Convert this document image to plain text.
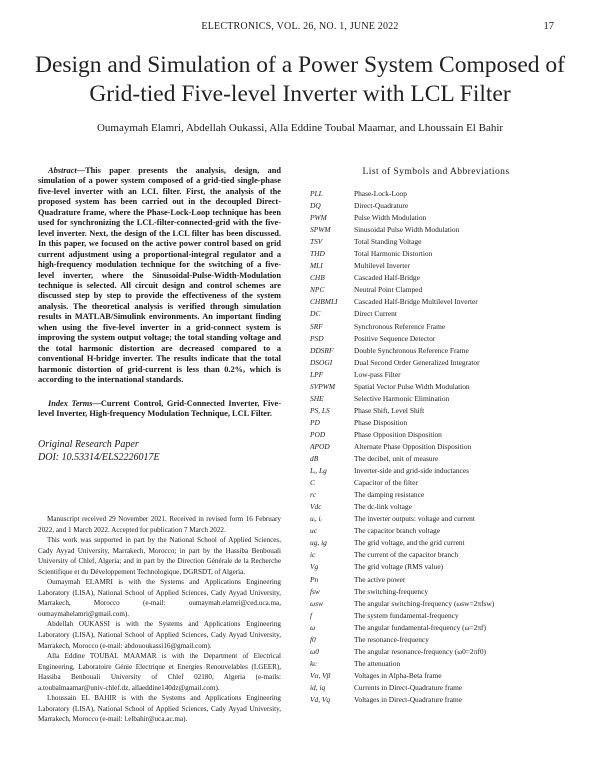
ELECTRONICS, VOL. 26, NO. 1, JUNE 2022	17
Design and Simulation of a Power System Composed of Grid-tied Five-level Inverter with LCL Filter
Oumaymah Elamri, Abdellah Oukassi, Alla Eddine Toubal Maamar, and Lhoussain El Bahir

Abstract—This paper presents the analysis, design, and simulation of a power system composed of a grid-tied single-phase five-level inverter with an LCL filter. First, the analysis of the proposed system has been carried out in the decoupled Direct-Quadrature frame, where the Phase-Lock-Loop technique has been used for synchronizing the LCL-filter-connected-grid with the five-level inverter. Next, the design of the LCL filter has been discussed. In this paper, we focused on the active power control based on grid current adjustment using a proportional-integral regulator and a high-frequency modulation technique for the switching of a five-level inverter, where the Sinusoidal-Pulse-Width-Modulation technique is selected. All circuit design and control schemes are discussed step by step to provide the effectiveness of the system analysis. The theoretical analysis is verified through simulation results in MATLAB/Simulink environments. An important finding when using the five-level inverter in a grid-connect system is improving the system output voltage; the total standing voltage and the total harmonic distortion are decreased compared to a conventional H-bridge inverter. The results indicate that the total harmonic distortion of grid-current is less than 0.2%, which is according to the international standards.

Index Terms—Current Control, Grid-Connected Inverter, Five-level Inverter, High-frequency Modulation Technique, LCL Filter.

Original Research Paper
DOI: 10.53314/ELS2226017E

Manuscript received 29 November 2021. Received in revised form 16 February 2022, and 1 March 2022. Accepted for publication 7 March 2022.

This work was supported in part by the National School of Applied Sciences, Cady Ayyad University, Marrakech, Morocco; in part by the Hassiba Benbouali University of Chlef, Algeria; and in part by the Direction Générale de la Recherche Scientifique et du Développement Technologique, DGRSDT, of Algeria.

Oumaymah ELAMRI is with the Systems and Applications Engineering Laboratory (LISA), National School of Applied Sciences, Cady Ayyad University, Marrakech, Morocco (e-mail: oumaymah.elamri@ced.uca.ma, oumaymahelamri@gmail.com).

Abdellah OUKASSI is with the Systems and Applications Engineering Laboratory (LISA), National School of Applied Sciences, Cady Ayyad University, Marrakech, Morocco (e-mail: abdououkassi16@gmail.com).

Alla Eddine TOUBAL MAAMAR is with the Department of Electrical Engineering, Laboratoire Génie Electrique et Energies Renouvelables (LGEER), Hassiba Benbouali University of Chlef 02180, Algeria (e-mails: a.toubalmaamar@univ-chlef.dz, allaeddine140dz@gmail.com).

Lhoussain EL BAHIR is with the Systems and Applications Engineering Laboratory (LISA), National School of Applied Sciences, Cady Ayyad University, Marrakech, Morocco (e-mail: l.elbahir@uca.ac.ma).

List of Symbols and Abbreviations
PLL	Phase-Lock-Loop
DQ	Direct-Quadrature
PWM	Pulse Width Modulation
SPWM	Sinusoidal Pulse Width Modulation
TSV	Total Standing Voltage
THD	Total Harmonic Distortion
MLI	Multilevel Inverter
CHB	Cascaded Half-Bridge
NPC	Neutral Point Clamped
CHBMLI	Cascaded Half-Bridge Multilevel Inverter
DC	Direct Current
SRF	Synchronous Reference Frame
PSD	Positive Sequence Detector
DDSRF	Double Synchronous Reference Frame
DSOGI	Dual Second Order Generalized Integrator
LPF	Low-pass Filter
SVPWM	Spatial Vector Pulse Width Modulation
SHE	Selective Harmonic Elimination
PS, LS	Phase Shift, Level Shift
PD	Phase Disposition
POD	Phase Opposition Disposition
APOD	Alternate Phase Opposition Disposition
dB	The decibel, unit of measure
Lᵢ, Lg	Inverter-side and grid-side inductances
C	Capacitor of the filter
rc	The damping resistance
Vdc	The dc-link voltage
uᵢ, iᵢ	The inverter outputs: voltage and current
uc	The capacitor branch voltage
ug, ig	The grid voltage, and the grid current
ic	The current of the capacitor branch
Vg	The grid voltage (RMS value)
Pn	The active power
fsw	The switching-frequency
ωsw	The angular switching-frequency (ωsw=2πfsw)
f	The system fundamental-frequency
ω	The angular fundamental-frequency (ω=2πf)
f0	The resonance-frequency
ω0	The angular resonance-frequency (ω0=2πf0)
kc	The attenuation
Vα, Vβ	Voltages in Alpha-Beta frame
id, iq	Currents in Direct-Quadrature frame
Vd, Vq	Voltages in Direct-Quadrature frame
